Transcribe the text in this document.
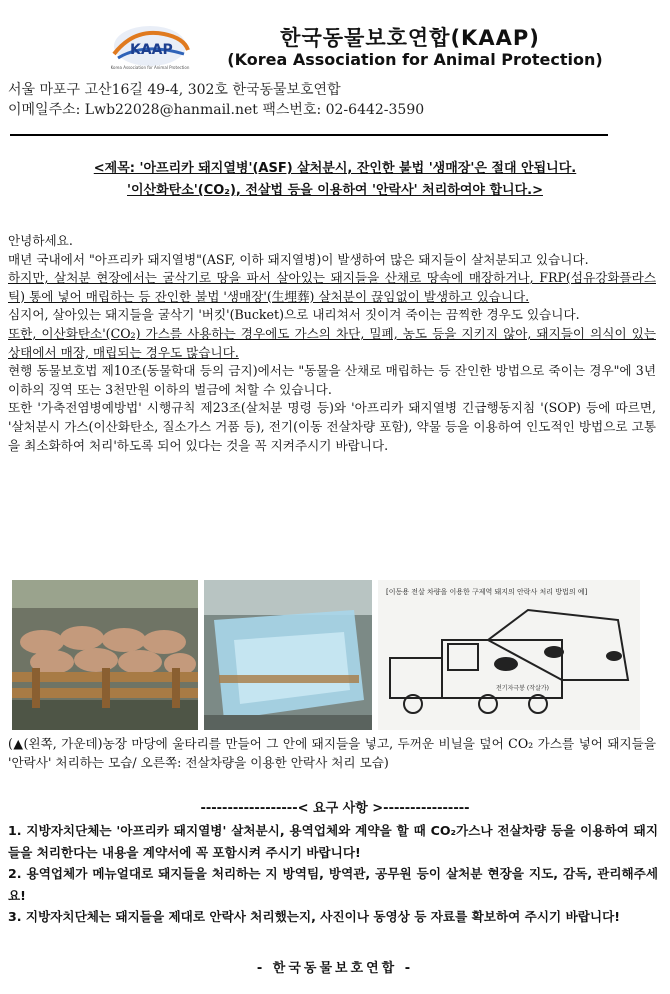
KAAP
Korea Association for Animal Protection
한국동물보호연합(KAAP)
(Korea Association for Animal Protection)
서울 마포구 고산16길 49-4, 302호 한국동물보호연합
이메일주소: Lwb22028@hanmail.net 팩스번호: 02-6442-3590
<제목: '아프리카 돼지열병'(ASF) 살처분시, 잔인한 불법 '생매장'은 절대 안됩니다.
'이산화탄소'(CO₂), 전살법 등을 이용하여 '안락사' 처리하여야 합니다.>

안녕하세요.

매년 국내에서 "아프리카 돼지열병"(ASF, 이하 돼지열병)이 발생하여 많은 돼지들이 살처분되고 있습니다.

하지만, 살처분 현장에서는 굴삭기로 땅을 파서 살아있는 돼지들을 산채로 땅속에 매장하거나, FRP(섬유강화플라스틱) 통에 넣어 매립하는 등 잔인한 불법 '생매장'(生埋葬) 살처분이 끊임없이 발생하고 있습니다.

심지어, 살아있는 돼지들을 굴삭기 '버킷'(Bucket)으로 내리쳐서 짓이겨 죽이는 끔찍한 경우도 있습니다.

또한, 이산화탄소'(CO₂) 가스를 사용하는 경우에도 가스의 차단, 밀폐, 농도 등을 지키지 않아, 돼지들이 의식이 있는 상태에서 매장, 매립되는 경우도 많습니다.

현행 동물보호법 제10조(동물학대 등의 금지)에서는 "동물을 산채로 매립하는 등 잔인한 방법으로 죽이는 경우"에 3년 이하의 징역 또는 3천만원 이하의 벌금에 처할 수 있습니다.

또한 '가축전염병예방법' 시행규칙 제23조(살처분 명령 등)와 '아프리카 돼지열병 긴급행동지침 '(SOP) 등에 따르면, '살처분시 가스(이산화탄소, 질소가스 거품 등), 전기(이동 전살차량 포함), 약물 등을 이용하여 인도적인 방법으로 고통을 최소화하여 처리'하도록 되어 있다는 것을 꼭 지켜주시기 바랍니다.

[이동용 전살 차량을 이용한 구제역 돼지의 안락사 처리 방법의 예]
전기자극봉 (작살가)
(▲(왼쪽, 가운데)농장 마당에 울타리를 만들어 그 안에 돼지들을 넣고, 두꺼운 비닐을 덮어 CO₂ 가스를 넣어 돼지들을 '안락사' 처리하는 모습/ 오른쪽: 전살차량을 이용한 안락사 처리 모습)
------------------< 요구 사항 >----------------

1. 지방자치단체는 '아프리카 돼지열병' 살처분시, 용역업체와 계약을 할 때 CO₂가스나 전살차량 등을 이용하여 돼지들을 처리한다는 내용을 계약서에 꼭 포함시켜 주시기 바랍니다!

2. 용역업체가 메뉴얼대로 돼지들을 처리하는 지 방역팀, 방역관, 공무원 등이 살처분 현장을 지도, 감독, 관리해주세요!

3. 지방자치단체는 돼지들을 제대로 안락사 처리했는지, 사진이나 동영상 등 자료를 확보하여 주시기 바랍니다!

- 한국동물보호연합 -
